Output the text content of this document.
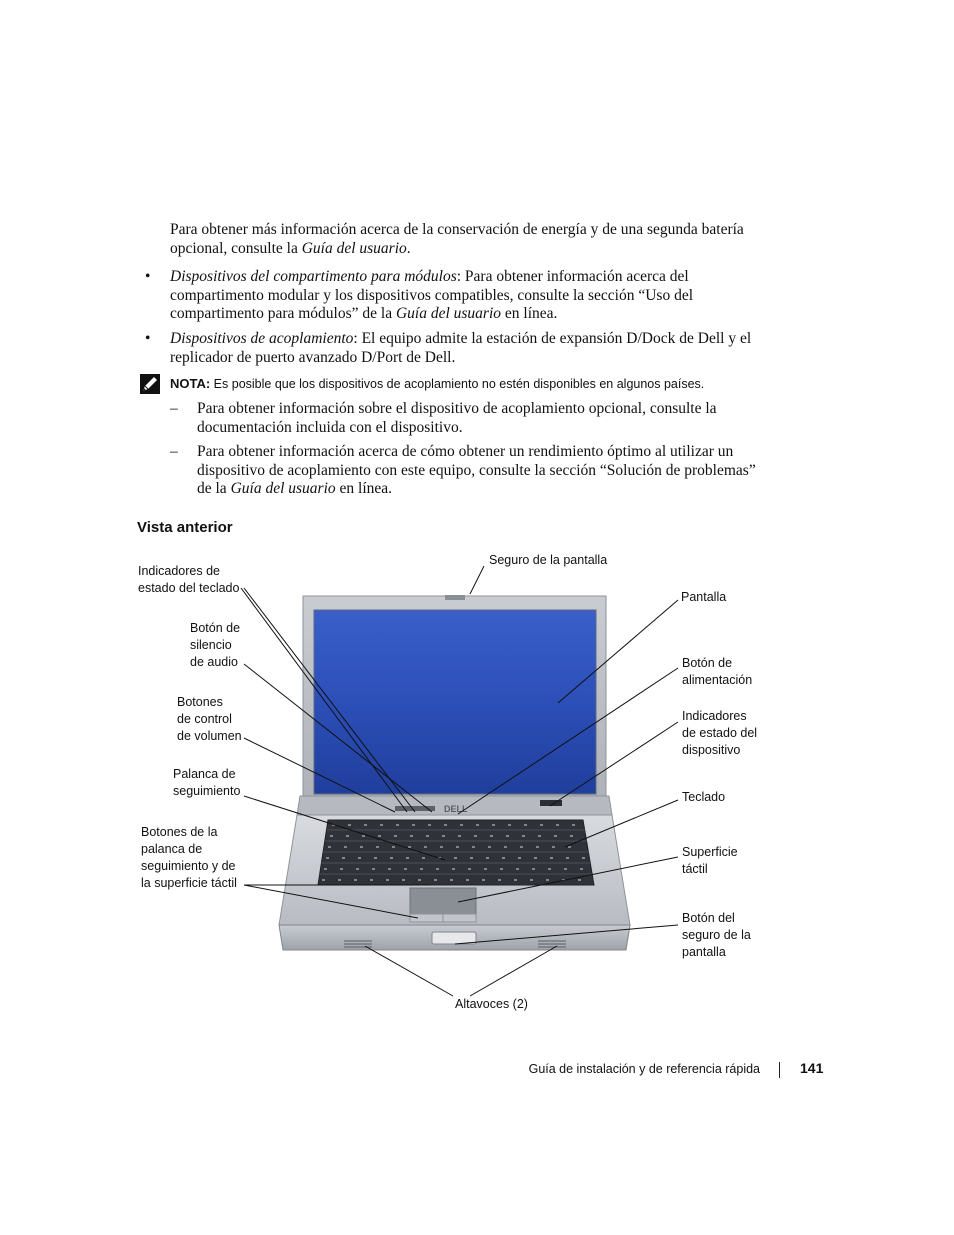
Para obtener más información acerca de la conservación de energía y de una segunda batería opcional, consulte la Guía del usuario.
• Dispositivos del compartimento para módulos: Para obtener información acerca del compartimento modular y los dispositivos compatibles, consulte la sección “Uso del compartimento para módulos” de la Guía del usuario en línea.
• Dispositivos de acoplamiento: El equipo admite la estación de expansión D/Dock de Dell y el replicador de puerto avanzado D/Port de Dell.
NOTA: Es posible que los dispositivos de acoplamiento no estén disponibles en algunos países.
– Para obtener información sobre el dispositivo de acoplamiento opcional, consulte la documentación incluida con el dispositivo.
– Para obtener información acerca de cómo obtener un rendimiento óptimo al utilizar un dispositivo de acoplamiento con este equipo, consulte la sección “Solución de problemas” de la Guía del usuario en línea.
Vista anterior
DELL
Indicadores de
estado del teclado
Botón de
silencio
de audio
Botones
de control
de volumen
Palanca de
seguimiento
Botones de la
palanca de
seguimiento y de
la superficie táctil
Seguro de la pantalla
Pantalla
Botón de
alimentación
Indicadores
de estado del
dispositivo
Teclado
Superficie
táctil
Botón del
seguro de la
pantalla
Altavoces (2)
Guía de instalación y de referencia rápida	141
